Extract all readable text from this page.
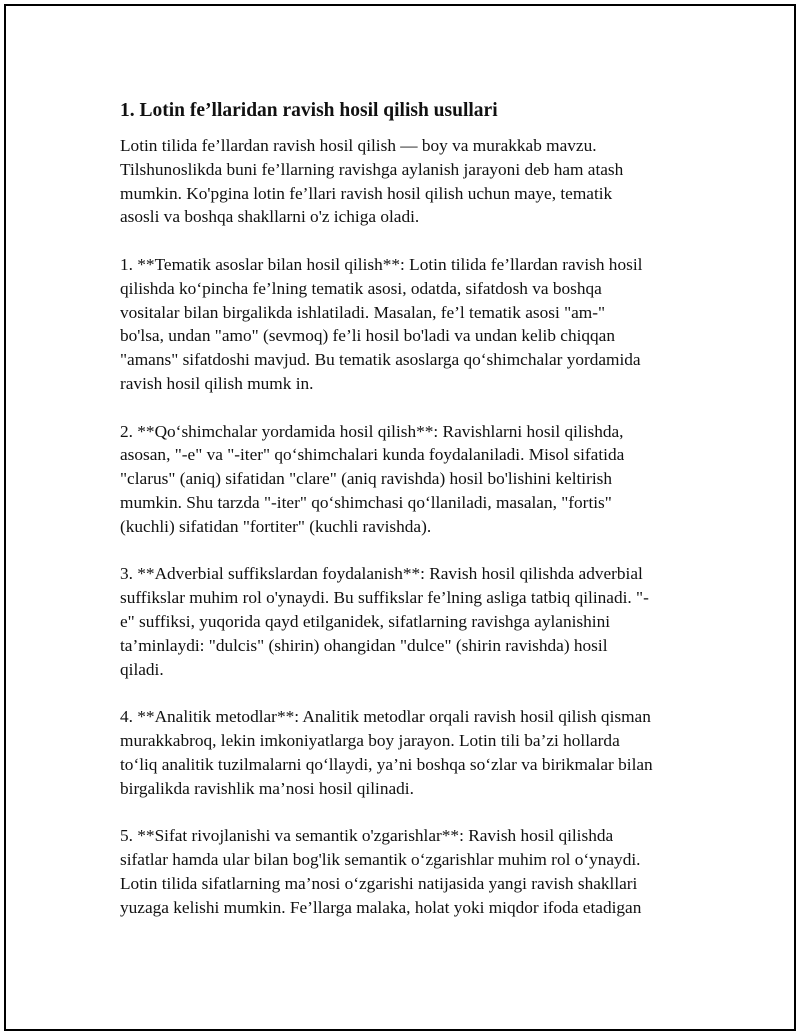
1. Lotin fe’llaridan ravish hosil qilish usullari

Lotin tilida fe’llardan ravish hosil qilish — boy va murakkab mavzu.
Tilshunoslikda buni fe’llarning ravishga aylanish jarayoni deb ham atash
mumkin. Ko'pgina lotin fe’llari ravish hosil qilish uchun maye, tematik
asosli va boshqa shakllarni o'z ichiga oladi.

1. **Tematik asoslar bilan hosil qilish**: Lotin tilida fe’llardan ravish hosil
qilishda ko‘pincha fe’lning tematik asosi, odatda, sifatdosh va boshqa
vositalar bilan birgalikda ishlatiladi. Masalan, fe’l tematik asosi "am-"
bo'lsa, undan "amo" (sevmoq) fe’li hosil bo'ladi va undan kelib chiqqan
"amans" sifatdoshi mavjud. Bu tematik asoslarga qo‘shimchalar yordamida
ravish hosil qilish mumk in.

2. **Qo‘shimchalar yordamida hosil qilish**: Ravishlarni hosil qilishda,
asosan, "-e" va "-iter" qo‘shimchalari kunda foydalaniladi. Misol sifatida
"clarus" (aniq) sifatidan "clare" (aniq ravishda) hosil bo'lishini keltirish
mumkin. Shu tarzda "-iter" qo‘shimchasi qo‘llaniladi, masalan, "fortis"
(kuchli) sifatidan "fortiter" (kuchli ravishda).

3. **Adverbial suffikslardan foydalanish**: Ravish hosil qilishda adverbial
suffikslar muhim rol o'ynaydi. Bu suffikslar fe’lning asliga tatbiq qilinadi. "-
e" suffiksi, yuqorida qayd etilganidek, sifatlarning ravishga aylanishini
ta’minlaydi: "dulcis" (shirin) ohangidan "dulce" (shirin ravishda) hosil
qiladi.

4. **Analitik metodlar**: Analitik metodlar orqali ravish hosil qilish qisman
murakkabroq, lekin imkoniyatlarga boy jarayon. Lotin tili ba’zi hollarda
to‘liq analitik tuzilmalarni qo‘llaydi, ya’ni boshqa so‘zlar va birikmalar bilan
birgalikda ravishlik ma’nosi hosil qilinadi.

5. **Sifat rivojlanishi va semantik o'zgarishlar**: Ravish hosil qilishda
sifatlar hamda ular bilan bog'lik semantik o‘zgarishlar muhim rol o‘ynaydi.
Lotin tilida sifatlarning ma’nosi o‘zgarishi natijasida yangi ravish shakllari
yuzaga kelishi mumkin. Fe’llarga malaka, holat yoki miqdor ifoda etadigan
